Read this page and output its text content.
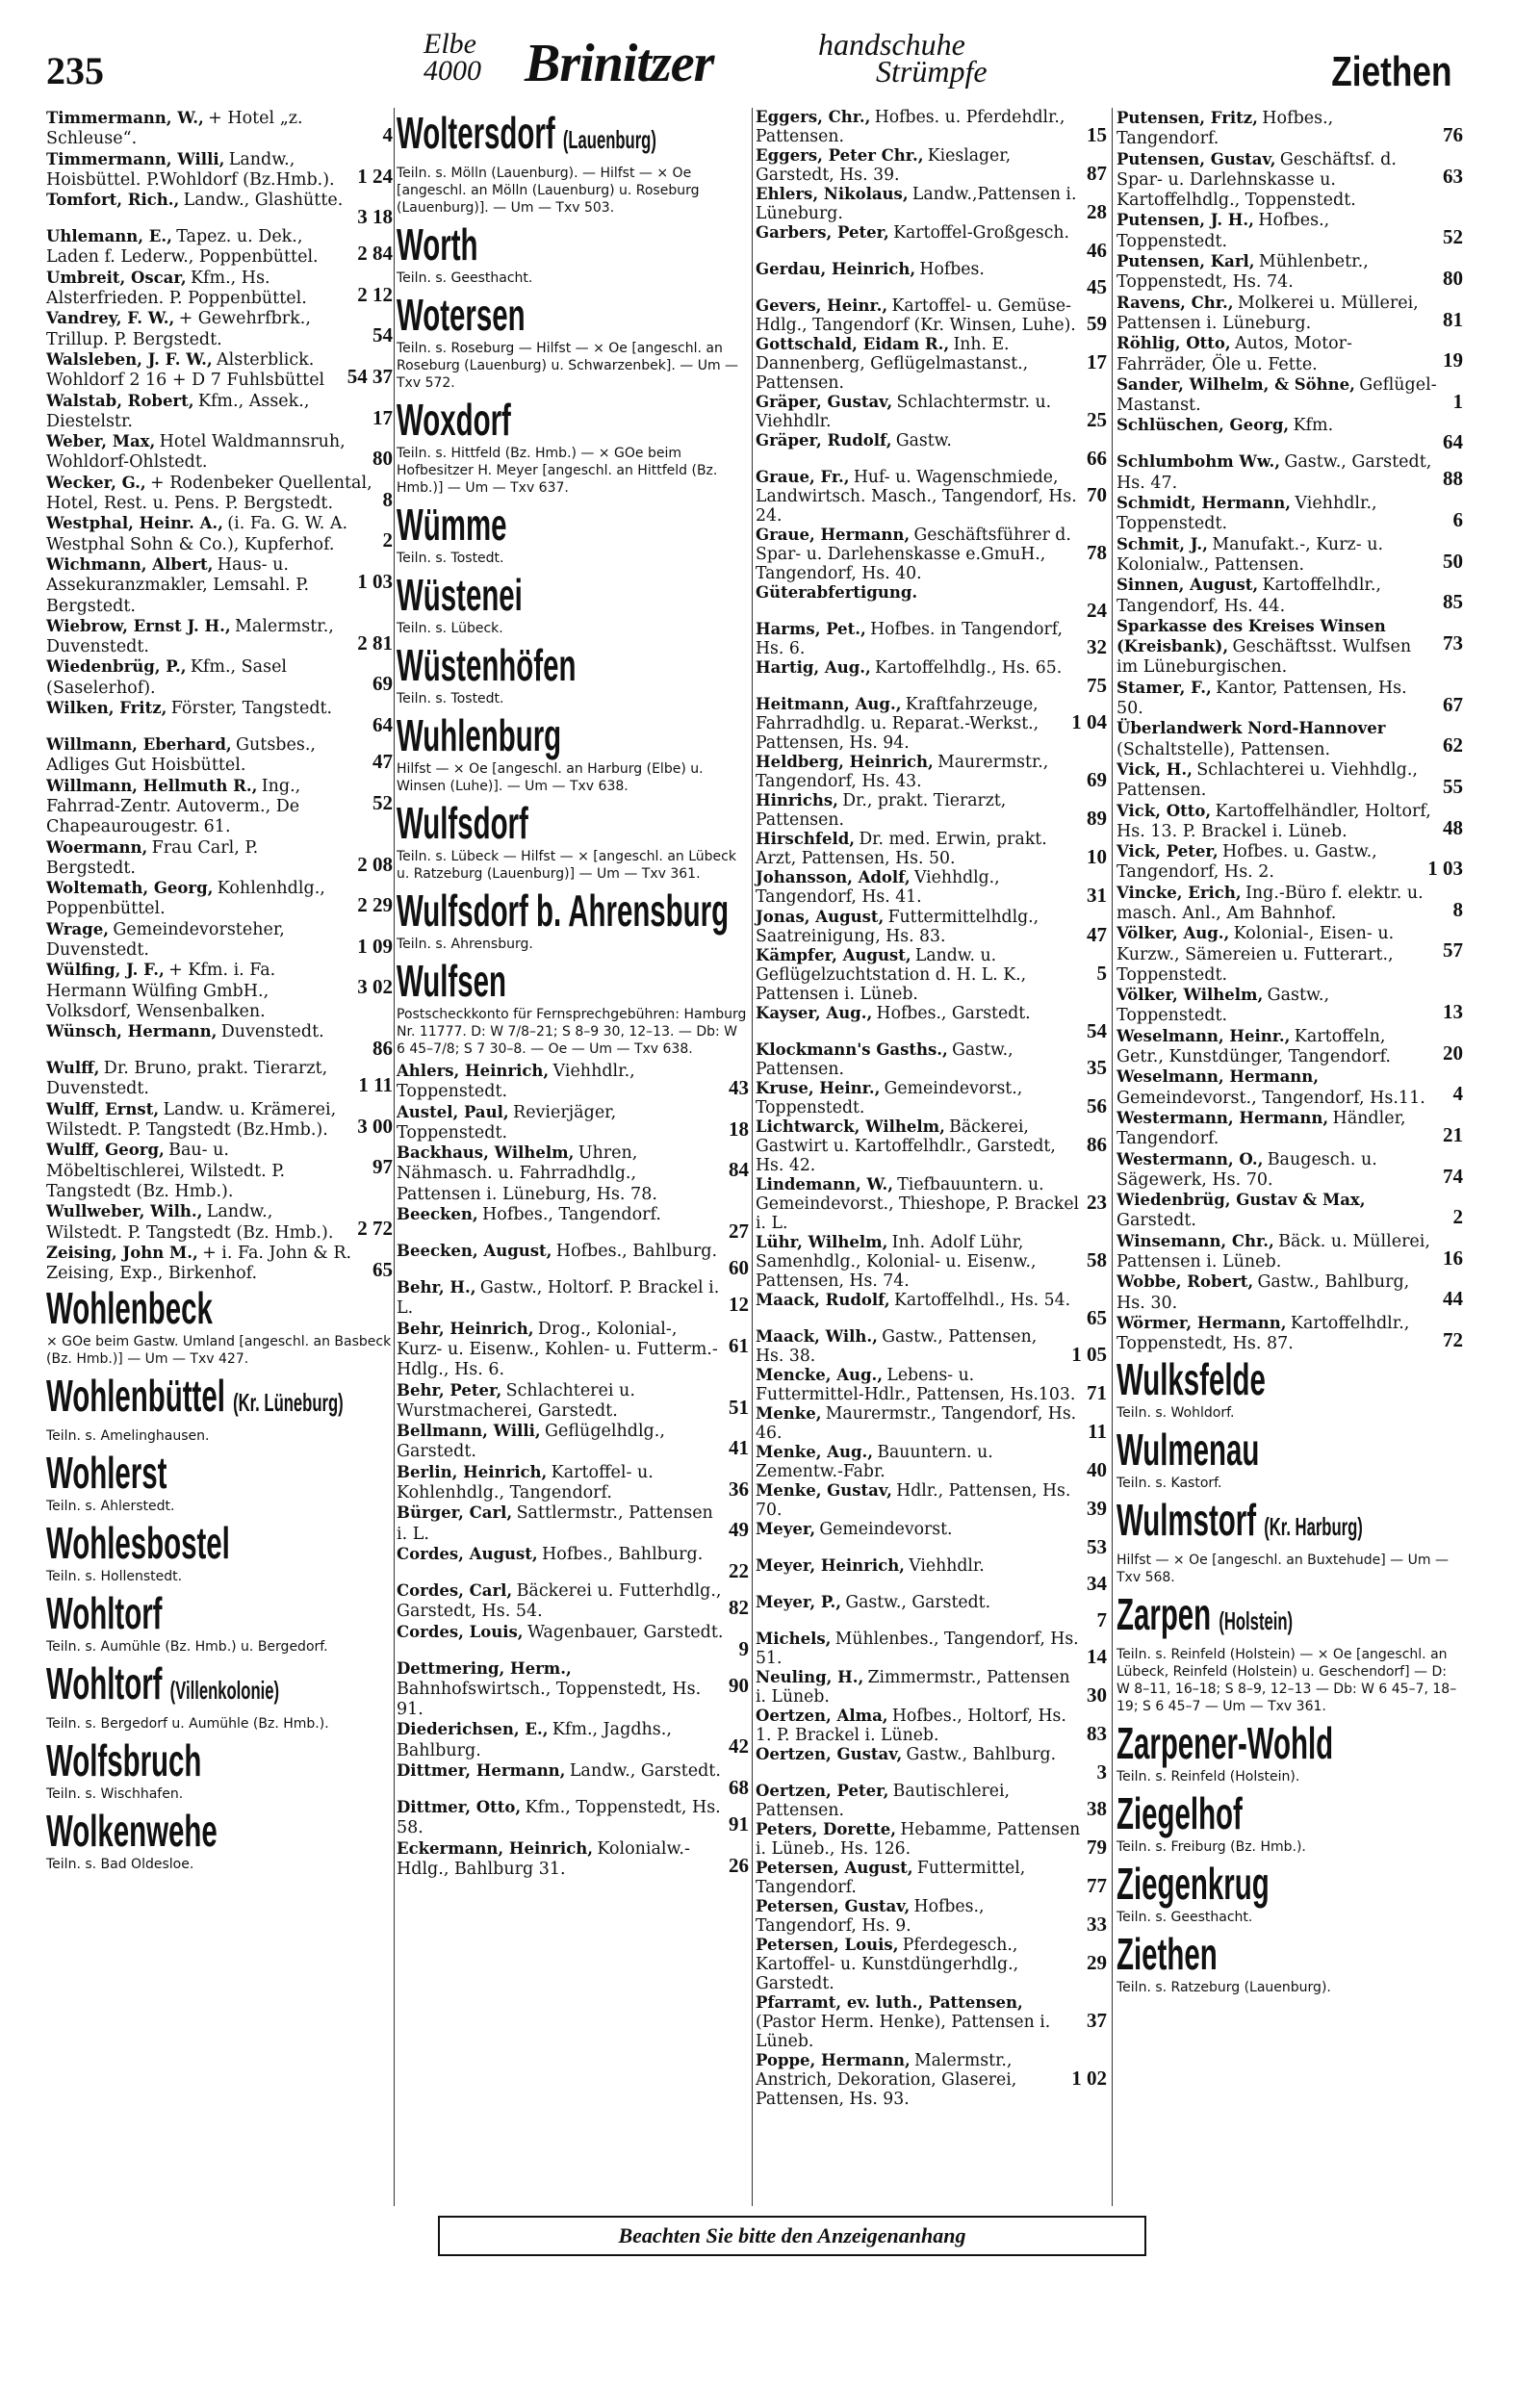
235
Elbe
4000 Brinitzer	handschuhe
Strümpfe	Ziethen
4
Timmermann, W., + Hotel „z. Schleuse“.
1 24
Timmermann, Willi, Landw., Hoisbüttel. P.Wohldorf (Bz.Hmb.).
3 18
Tomfort, Rich., Landw., Glashütte.
2 84
Uhlemann, E., Tapez. u. Dek., Laden f. Lederw., Poppenbüttel.
2 12
Umbreit, Oscar, Kfm., Hs. Alsterfrieden. P. Poppenbüttel.
54
Vandrey, F. W., + Gewehrfbrk., Trillup. P. Bergstedt.
54 37
Walsleben, J. F. W., Alsterblick. Wohldorf 2 16 + D 7 Fuhlsbüttel
17
Walstab, Robert, Kfm., Assek., Diestelstr.
80
Weber, Max, Hotel Waldmannsruh, Wohldorf-Ohlstedt.
8
Wecker, G., + Rodenbeker Quellental, Hotel, Rest. u. Pens. P. Bergstedt.
2
Westphal, Heinr. A., (i. Fa. G. W. A. Westphal Sohn & Co.), Kupferhof.
1 03
Wichmann, Albert, Haus- u. Assekuranzmakler, Lemsahl. P. Bergstedt.
2 81
Wiebrow, Ernst J. H., Malermstr., Duvenstedt.
69
Wiedenbrüg, P., Kfm., Sasel (Saselerhof).
64
Wilken, Fritz, Förster, Tangstedt.
47
Willmann, Eberhard, Gutsbes., Adliges Gut Hoisbüttel.
52
Willmann, Hellmuth R., Ing., Fahrrad-Zentr. Autoverm., De Chapeaurougestr. 61.
2 08
Woermann, Frau Carl, P. Bergstedt.
2 29
Woltemath, Georg, Kohlenhdlg., Poppenbüttel.
1 09
Wrage, Gemeindevorsteher, Duvenstedt.
3 02
Wülfing, J. F., + Kfm. i. Fa. Hermann Wülfing GmbH., Volksdorf, Wensenbalken.
86
Wünsch, Hermann, Duvenstedt.
1 11
Wulff, Dr. Bruno, prakt. Tierarzt, Duvenstedt.
3 00
Wulff, Ernst, Landw. u. Krämerei, Wilstedt. P. Tangstedt (Bz.Hmb.).
97
Wulff, Georg, Bau- u. Möbeltischlerei, Wilstedt. P. Tangstedt (Bz. Hmb.).
2 72
Wullweber, Wilh., Landw., Wilstedt. P. Tangstedt (Bz. Hmb.).
65
Zeising, John M., + i. Fa. John & R. Zeising, Exp., Birkenhof.
Wohlenbeck
× GOe beim Gastw. Umland [angeschl. an Basbeck (Bz. Hmb.)] — Um — Txv 427.
Wohlenbüttel (Kr. Lüneburg)
Teiln. s. Amelinghausen.
Wohlerst
Teiln. s. Ahlerstedt.
Wohlesbostel
Teiln. s. Hollenstedt.
Wohltorf
Teiln. s. Aumühle (Bz. Hmb.) u. Bergedorf.
Wohltorf (Villenkolonie)
Teiln. s. Bergedorf u. Aumühle (Bz. Hmb.).
Wolfsbruch
Teiln. s. Wischhafen.
Wolkenwehe
Teiln. s. Bad Oldesloe.
Woltersdorf (Lauenburg)
Teiln. s. Mölln (Lauenburg). — Hilfst — × Oe [angeschl. an Mölln (Lauenburg) u. Roseburg (Lauenburg)]. — Um — Txv 503.
Worth
Teiln. s. Geesthacht.
Wotersen
Teiln. s. Roseburg — Hilfst — × Oe [angeschl. an Roseburg (Lauenburg) u. Schwarzenbek]. — Um — Txv 572.
Woxdorf
Teiln. s. Hittfeld (Bz. Hmb.) — × GOe beim Hofbesitzer H. Meyer [angeschl. an Hittfeld (Bz. Hmb.)] — Um — Txv 637.
Wümme
Teiln. s. Tostedt.
Wüstenei
Teiln. s. Lübeck.
Wüstenhöfen
Teiln. s. Tostedt.
Wuhlenburg
Hilfst — × Oe [angeschl. an Harburg (Elbe) u. Winsen (Luhe)]. — Um — Txv 638.
Wulfsdorf
Teiln. s. Lübeck — Hilfst — × [angeschl. an Lübeck u. Ratzeburg (Lauenburg)] — Um — Txv 361.
Wulfsdorf b. Ahrensburg
Teiln. s. Ahrensburg.
Wulfsen
Postscheckkonto für Fernsprechgebühren: Hamburg Nr. 11777. D: W 7/8–21; S 8–9 30, 12–13. — Db: W 6 45–7/8; S 7 30–8. — Oe — Um — Txv 638.
43
Ahlers, Heinrich, Viehhdlr., Toppenstedt.
18
Austel, Paul, Revierjäger, Toppenstedt.
84
Backhaus, Wilhelm, Uhren, Nähmasch. u. Fahrradhdlg., Pattensen i. Lüneburg, Hs. 78.
27
Beecken, Hofbes., Tangendorf.
60
Beecken, August, Hofbes., Bahlburg.
12
Behr, H., Gastw., Holtorf. P. Brackel i. L.
61
Behr, Heinrich, Drog., Kolonial-, Kurz- u. Eisenw., Kohlen- u. Futterm.-Hdlg., Hs. 6.
51
Behr, Peter, Schlachterei u. Wurstmacherei, Garstedt.
41
Bellmann, Willi, Geflügelhdlg., Garstedt.
36
Berlin, Heinrich, Kartoffel- u. Kohlenhdlg., Tangendorf.
49
Bürger, Carl, Sattlermstr., Pattensen i. L.
22
Cordes, August, Hofbes., Bahlburg.
82
Cordes, Carl, Bäckerei u. Futterhdlg., Garstedt, Hs. 54.
9
Cordes, Louis, Wagenbauer, Garstedt.
90
Dettmering, Herm., Bahnhofswirtsch., Toppenstedt, Hs. 91.
42
Diederichsen, E., Kfm., Jagdhs., Bahlburg.
68
Dittmer, Hermann, Landw., Garstedt.
91
Dittmer, Otto, Kfm., Toppenstedt, Hs. 58.
26
Eckermann, Heinrich, Kolonialw.-Hdlg., Bahlburg 31.
15
Eggers, Chr., Hofbes. u. Pferdehdlr., Pattensen.
87
Eggers, Peter Chr., Kieslager, Garstedt, Hs. 39.
28
Ehlers, Nikolaus, Landw.,Pattensen i. Lüneburg.
46
Garbers, Peter, Kartoffel-Großgesch.
45
Gerdau, Heinrich, Hofbes.
59
Gevers, Heinr., Kartoffel- u. Gemüse-Hdlg., Tangendorf (Kr. Winsen, Luhe).
17
Gottschald, Eidam R., Inh. E. Dannenberg, Geflügelmastanst., Pattensen.
25
Gräper, Gustav, Schlachtermstr. u. Viehhdlr.
66
Gräper, Rudolf, Gastw.
70
Graue, Fr., Huf- u. Wagenschmiede, Landwirtsch. Masch., Tangendorf, Hs. 24.
78
Graue, Hermann, Geschäftsführer d. Spar- u. Darlehenskasse e.GmuH., Tangendorf, Hs. 40.
24
Güterabfertigung.
32
Harms, Pet., Hofbes. in Tangendorf, Hs. 6.
75
Hartig, Aug., Kartoffelhdlg., Hs. 65.
1 04
Heitmann, Aug., Kraftfahrzeuge, Fahrradhdlg. u. Reparat.-Werkst., Pattensen, Hs. 94.
69
Heldberg, Heinrich, Maurermstr., Tangendorf, Hs. 43.
89
Hinrichs, Dr., prakt. Tierarzt, Pattensen.
10
Hirschfeld, Dr. med. Erwin, prakt. Arzt, Pattensen, Hs. 50.
31
Johansson, Adolf, Viehhdlg., Tangendorf, Hs. 41.
47
Jonas, August, Futtermittelhdlg., Saatreinigung, Hs. 83.
5
Kämpfer, August, Landw. u. Geflügelzuchtstation d. H. L. K., Pattensen i. Lüneb.
54
Kayser, Aug., Hofbes., Garstedt.
35
Klockmann's Gasths., Gastw., Pattensen.
56
Kruse, Heinr., Gemeindevorst., Toppenstedt.
86
Lichtwarck, Wilhelm, Bäckerei, Gastwirt u. Kartoffelhdlr., Garstedt, Hs. 42.
23
Lindemann, W., Tiefbauuntern. u. Gemeindevorst., Thieshope, P. Brackel i. L.
58
Lühr, Wilhelm, Inh. Adolf Lühr, Samenhdlg., Kolonial- u. Eisenw., Pattensen, Hs. 74.
65
Maack, Rudolf, Kartoffelhdl., Hs. 54.
1 05
Maack, Wilh., Gastw., Pattensen, Hs. 38.
71
Mencke, Aug., Lebens- u. Futtermittel-Hdlr., Pattensen, Hs.103.
11
Menke, Maurermstr., Tangendorf, Hs. 46.
40
Menke, Aug., Bauuntern. u. Zementw.-Fabr.
39
Menke, Gustav, Hdlr., Pattensen, Hs. 70.
53
Meyer, Gemeindevorst.
34
Meyer, Heinrich, Viehhdlr.
7
Meyer, P., Gastw., Garstedt.
14
Michels, Mühlenbes., Tangendorf, Hs. 51.
30
Neuling, H., Zimmermstr., Pattensen i. Lüneb.
83
Oertzen, Alma, Hofbes., Holtorf, Hs. 1. P. Brackel i. Lüneb.
3
Oertzen, Gustav, Gastw., Bahlburg.
38
Oertzen, Peter, Bautischlerei, Pattensen.
79
Peters, Dorette, Hebamme, Pattensen i. Lüneb., Hs. 126.
77
Petersen, August, Futtermittel, Tangendorf.
33
Petersen, Gustav, Hofbes., Tangendorf, Hs. 9.
29
Petersen, Louis, Pferdegesch., Kartoffel- u. Kunstdüngerhdlg., Garstedt.
37
Pfarramt, ev. luth., Pattensen, (Pastor Herm. Henke), Pattensen i. Lüneb.
1 02
Poppe, Hermann, Malermstr., Anstrich, Dekoration, Glaserei, Pattensen, Hs. 93.
76
Putensen, Fritz, Hofbes., Tangendorf.
63
Putensen, Gustav, Geschäftsf. d. Spar- u. Darlehnskasse u. Kartoffelhdlg., Toppenstedt.
52
Putensen, J. H., Hofbes., Toppenstedt.
80
Putensen, Karl, Mühlenbetr., Toppenstedt, Hs. 74.
81
Ravens, Chr., Molkerei u. Müllerei, Pattensen i. Lüneburg.
19
Röhlig, Otto, Autos, Motor-Fahrräder, Öle u. Fette.
1
Sander, Wilhelm, & Söhne, Geflügel-Mastanst.
64
Schlüschen, Georg, Kfm.
88
Schlumbohm Ww., Gastw., Garstedt, Hs. 47.
6
Schmidt, Hermann, Viehhdlr., Toppenstedt.
50
Schmit, J., Manufakt.-, Kurz- u. Kolonialw., Pattensen.
85
Sinnen, August, Kartoffelhdlr., Tangendorf, Hs. 44.
73
Sparkasse des Kreises Winsen (Kreisbank), Geschäftsst. Wulfsen im Lüneburgischen.
67
Stamer, F., Kantor, Pattensen, Hs. 50.
62
Überlandwerk Nord-Hannover (Schaltstelle), Pattensen.
55
Vick, H., Schlachterei u. Viehhdlg., Pattensen.
48
Vick, Otto, Kartoffelhändler, Holtorf, Hs. 13. P. Brackel i. Lüneb.
1 03
Vick, Peter, Hofbes. u. Gastw., Tangendorf, Hs. 2.
8
Vincke, Erich, Ing.-Büro f. elektr. u. masch. Anl., Am Bahnhof.
57
Völker, Aug., Kolonial-, Eisen- u. Kurzw., Sämereien u. Futterart., Toppenstedt.
13
Völker, Wilhelm, Gastw., Toppenstedt.
20
Weselmann, Heinr., Kartoffeln, Getr., Kunstdünger, Tangendorf.
4
Weselmann, Hermann, Gemeindevorst., Tangendorf, Hs.11.
21
Westermann, Hermann, Händler, Tangendorf.
74
Westermann, O., Baugesch. u. Sägewerk, Hs. 70.
2
Wiedenbrüg, Gustav & Max, Garstedt.
16
Winsemann, Chr., Bäck. u. Müllerei, Pattensen i. Lüneb.
44
Wobbe, Robert, Gastw., Bahlburg, Hs. 30.
72
Wörmer, Hermann, Kartoffelhdlr., Toppenstedt, Hs. 87.
Wulksfelde
Teiln. s. Wohldorf.
Wulmenau
Teiln. s. Kastorf.
Wulmstorf (Kr. Harburg)
Hilfst — × Oe [angeschl. an Buxtehude] — Um — Txv 568.
Zarpen (Holstein)
Teiln. s. Reinfeld (Holstein) — × Oe [angeschl. an Lübeck, Reinfeld (Holstein) u. Geschendorf] — D: W 8–11, 16–18; S 8–9, 12–13 — Db: W 6 45–7, 18–19; S 6 45–7 — Um — Txv 361.
Zarpener-Wohld
Teiln. s. Reinfeld (Holstein).
Ziegelhof
Teiln. s. Freiburg (Bz. Hmb.).
Ziegenkrug
Teiln. s. Geesthacht.
Ziethen
Teiln. s. Ratzeburg (Lauenburg).
Beachten Sie bitte den Anzeigenanhang
